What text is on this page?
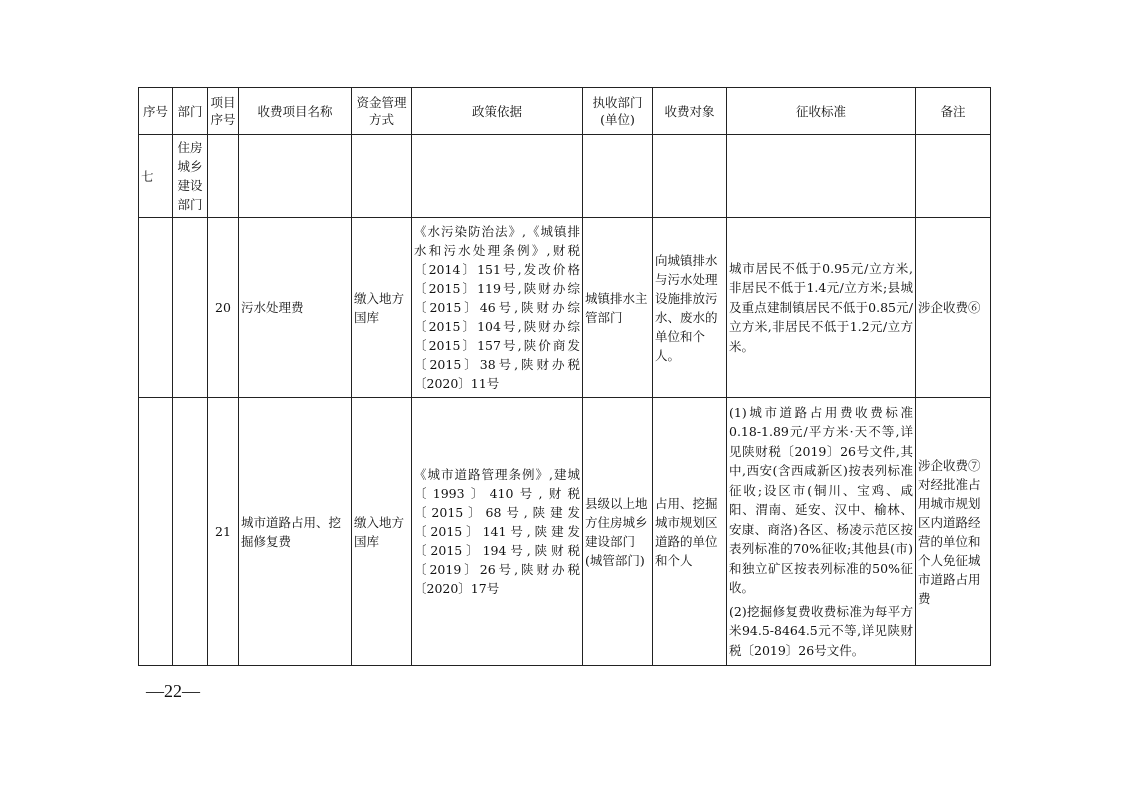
序号	部门	项目序号	收费项目名称	资金管理方式	政策依据	执收部门(单位)	收费对象	征收标准	备注
七	住房城乡建设部门								
		20	污水处理费	缴入地方国库	《水污染防治法》,《城镇排水和污水处理条例》,财税〔2014〕151号,发改价格〔2015〕119号,陕财办综〔2015〕46号,陕财办综〔2015〕104号,陕财办综〔2015〕157号,陕价商发〔2015〕38号,陕财办税〔2020〕11号	城镇排水主管部门	向城镇排水与污水处理设施排放污水、废水的单位和个人。	城市居民不低于0.95元/立方米,非居民不低于1.4元/立方米;县城及重点建制镇居民不低于0.85元/立方米,非居民不低于1.2元/立方米。	涉企收费⑥
		21	城市道路占用、挖掘修复费	缴入地方国库	《城市道路管理条例》,建城〔1993〕410号,财税〔2015〕68号,陕建发〔2015〕141号,陕建发〔2015〕194号,陕财税〔2019〕26号,陕财办税〔2020〕17号	县级以上地方住房城乡建设部门(城管部门)	占用、挖掘城市规划区道路的单位和个人	(1)城市道路占用费收费标准0.18-1.89元/平方米·天不等,详见陕财税〔2019〕26号文件,其中,西安(含西咸新区)按表列标准征收;设区市(铜川、宝鸡、咸阳、渭南、延安、汉中、榆林、安康、商洛)各区、杨凌示范区按表列标准的70%征收;其他县(市)和独立矿区按表列标准的50%征收。
(2)挖掘修复费收费标准为每平方米94.5-8464.5元不等,详见陕财税〔2019〕26号文件。	涉企收费⑦对经批准占用城市规划区内道路经营的单位和个人免征城市道路占用费
—22—
